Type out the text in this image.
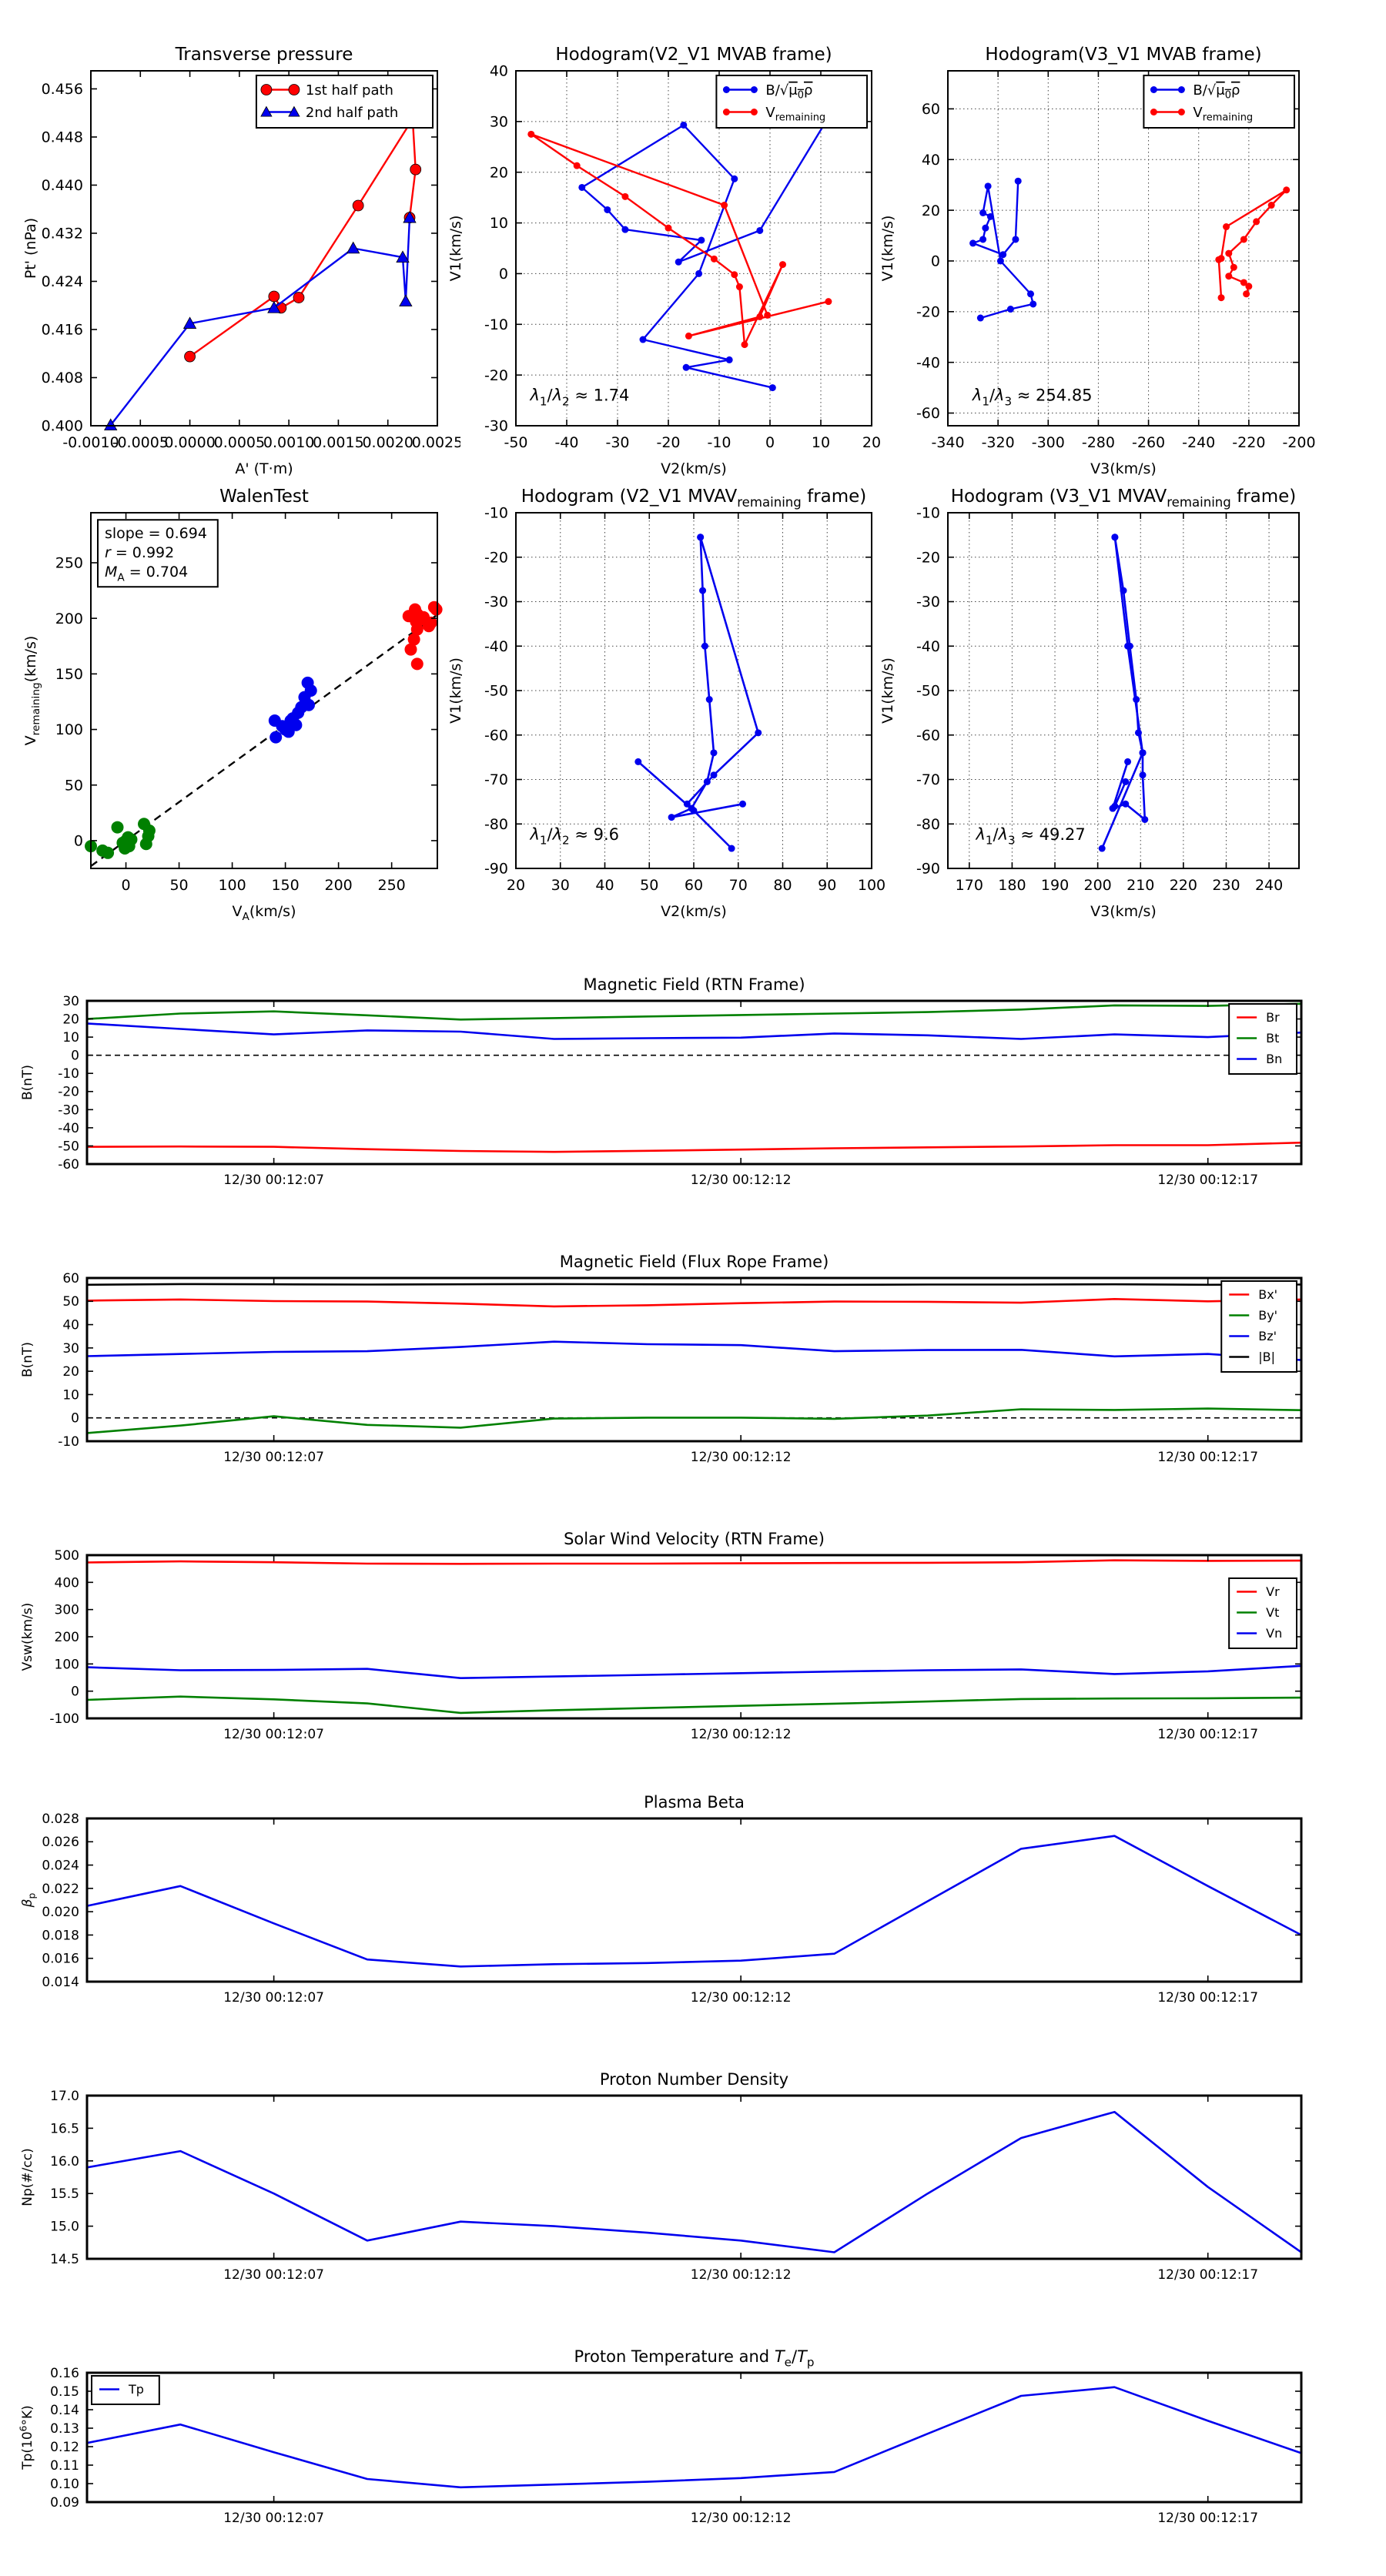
-0.0010
-0.0005
0.0000
0.0005
0.0010
0.0015
0.0020
0.0025
0.400
0.408
0.416
0.424
0.432
0.440
0.448
0.456
A' (T·m)
Pt' (nPa)
Transverse pressure
1st half path
2nd half path
-50 -40 -30 -20 -10 0	10 20
-30
-20
-10
0
10
20
30
40
V2(km/s)
V1(km/s)
Hodogram(V2_V1 MVAB frame)
$\lambda_1/\lambda_2 \approx 1.74$
$B/√\mu_0\rho$
$V_{remaining}$
-340 -320 -300 -280 -260 -240 -220 -200
-60
-40
-20
0
20
40
60
V3(km/s)
V1(km/s)
Hodogram(V3_V1 MVAB frame)
$\lambda_1/\lambda_3 \approx 254.85$
$B/√\mu_0\rho$
$V_{remaining}$
0	50 100 150 200 250
0
50
100
150
200
250
$V_A(km/s)$
$V_{remaining}(km/s)$
WalenTest
slope = 0.694
r = 0.992
$M_A = 0.704$
20 30 40 50 60 70 80 90 100
-90
-80
-70
-60
-50
-40
-30
-20
-10
V2(km/s)
V1(km/s)
Hodogram (V2_V1 $MVAV_{remaining}$ frame)
$\lambda_1/\lambda_2 \approx 9.6$
170 180 190 200 210 220 230 240
-90
-80
-70
-60
-50
-40
-30
-20
-10
V3(km/s)
V1(km/s)
Hodogram (V3_V1 $MVAV_{remaining}$ frame)
$\lambda_1/\lambda_3 \approx 49.27$
12/30 00:12:07	12/30 00:12:12	12/30 00:12:17
-60
-50
-40
-30
-20
-10
0
10
20
30
B(nT)
Magnetic Field (RTN Frame)
Br
Bt
Bn
12/30 00:12:07	12/30 00:12:12	12/30 00:12:17
-10
0
10
20
30
40
50
60
B(nT)
Magnetic Field (Flux Rope Frame)
Bx'
By'
Bz'
|B|
12/30 00:12:07	12/30 00:12:12	12/30 00:12:17
-100
0
100
200
300
400
500
Vsw(km/s)
Solar Wind Velocity (RTN Frame)
Vr
Vt
Vn
12/30 00:12:07	12/30 00:12:12	12/30 00:12:17
0.014
0.016
0.018
0.020
0.022
0.024
0.026
0.028
$\beta_p$
Plasma Beta
12/30 00:12:07	12/30 00:12:12	12/30 00:12:17
14.5
15.0
15.5
16.0
16.5
17.0
Np(#/cc)
Proton Number Density
12/30 00:12:07	12/30 00:12:12	12/30 00:12:17
0.09
0.10
0.11
0.12
0.13
0.14
0.15
0.16
$Tp(10^6^\circ K)$
Proton Temperature and $T_e/T_p$
Tp
